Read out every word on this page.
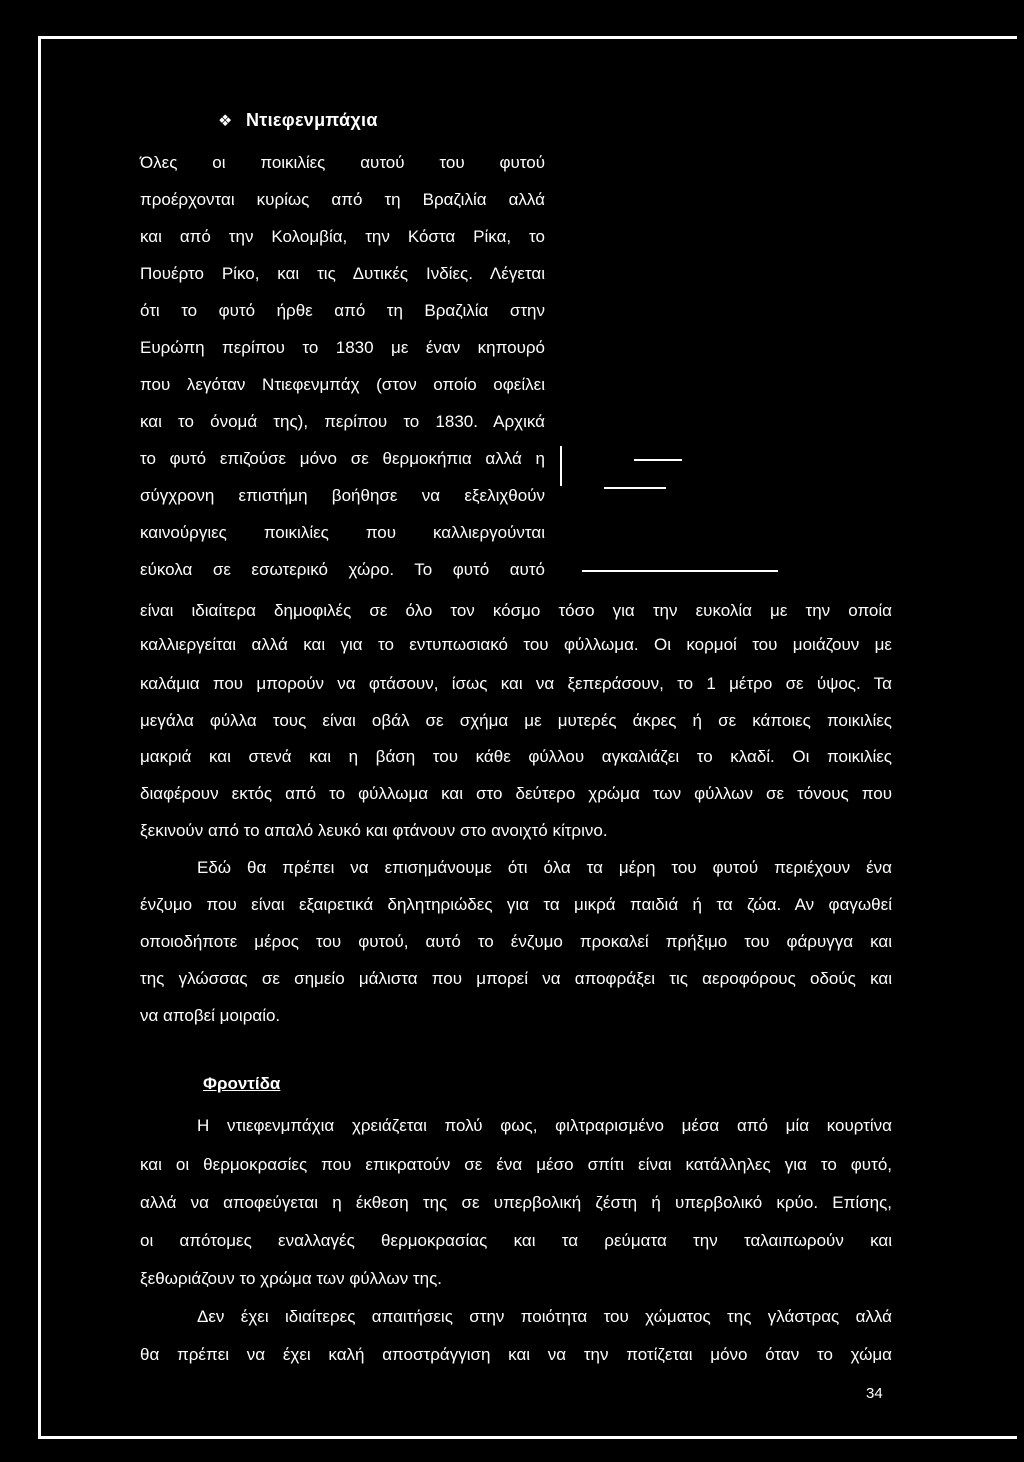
❖ Ντιεφενμπάχια
Όλες οι ποικιλίες αυτού του φυτού
προέρχονται κυρίως από τη Βραζιλία αλλά
και από την Κολομβία, την Κόστα Ρίκα, το
Πουέρτο Ρίκο, και τις Δυτικές Ινδίες. Λέγεται
ότι το φυτό ήρθε από τη Βραζιλία στην
Ευρώπη περίπου το 1830 με έναν κηπουρό
που λεγόταν Ντιεφενμπάχ (στον οποίο οφείλει
και το όνομά της), περίπου το 1830. Αρχικά
το φυτό επιζούσε μόνο σε θερμοκήπια αλλά η
σύγχρονη επιστήμη βοήθησε να εξελιχθούν
καινούργιες ποικιλίες που καλλιεργούνται
εύκολα σε εσωτερικό χώρο. Το φυτό αυτό
είναι ιδιαίτερα δημοφιλές σε όλο τον κόσμο τόσο για την ευκολία με την οποία
καλλιεργείται αλλά και για το εντυπωσιακό του φύλλωμα. Οι κορμοί του μοιάζουν με
καλάμια που μπορούν να φτάσουν, ίσως και να ξεπεράσουν, το 1 μέτρο σε ύψος. Τα
μεγάλα φύλλα τους είναι οβάλ σε σχήμα με μυτερές άκρες ή σε κάποιες ποικιλίες
μακριά και στενά και η βάση του κάθε φύλλου αγκαλιάζει το κλαδί. Οι ποικιλίες
διαφέρουν εκτός από το φύλλωμα και στο δεύτερο χρώμα των φύλλων σε τόνους που
ξεκινούν από το απαλό λευκό και φτάνουν στο ανοιχτό κίτρινο.
Εδώ θα πρέπει να επισημάνουμε ότι όλα τα μέρη του φυτού περιέχουν ένα
ένζυμο που είναι εξαιρετικά δηλητηριώδες για τα μικρά παιδιά ή τα ζώα. Αν φαγωθεί
οποιοδήποτε μέρος του φυτού, αυτό το ένζυμο προκαλεί πρήξιμο του φάρυγγα και
της γλώσσας σε σημείο μάλιστα που μπορεί να αποφράξει τις αεροφόρους οδούς και
να αποβεί μοιραίο.
Φροντίδα
Η ντιεφενμπάχια χρειάζεται πολύ φως, φιλτραρισμένο μέσα από μία κουρτίνα
και οι θερμοκρασίες που επικρατούν σε ένα μέσο σπίτι είναι κατάλληλες για το φυτό,
αλλά να αποφεύγεται η έκθεση της σε υπερβολική ζέστη ή υπερβολικό κρύο. Επίσης,
οι απότομες εναλλαγές θερμοκρασίας και τα ρεύματα την ταλαιπωρούν και
ξεθωριάζουν το χρώμα των φύλλων της.
Δεν έχει ιδιαίτερες απαιτήσεις στην ποιότητα του χώματος της γλάστρας αλλά
θα πρέπει να έχει καλή αποστράγγιση και να την ποτίζεται μόνο όταν το χώμα
34
